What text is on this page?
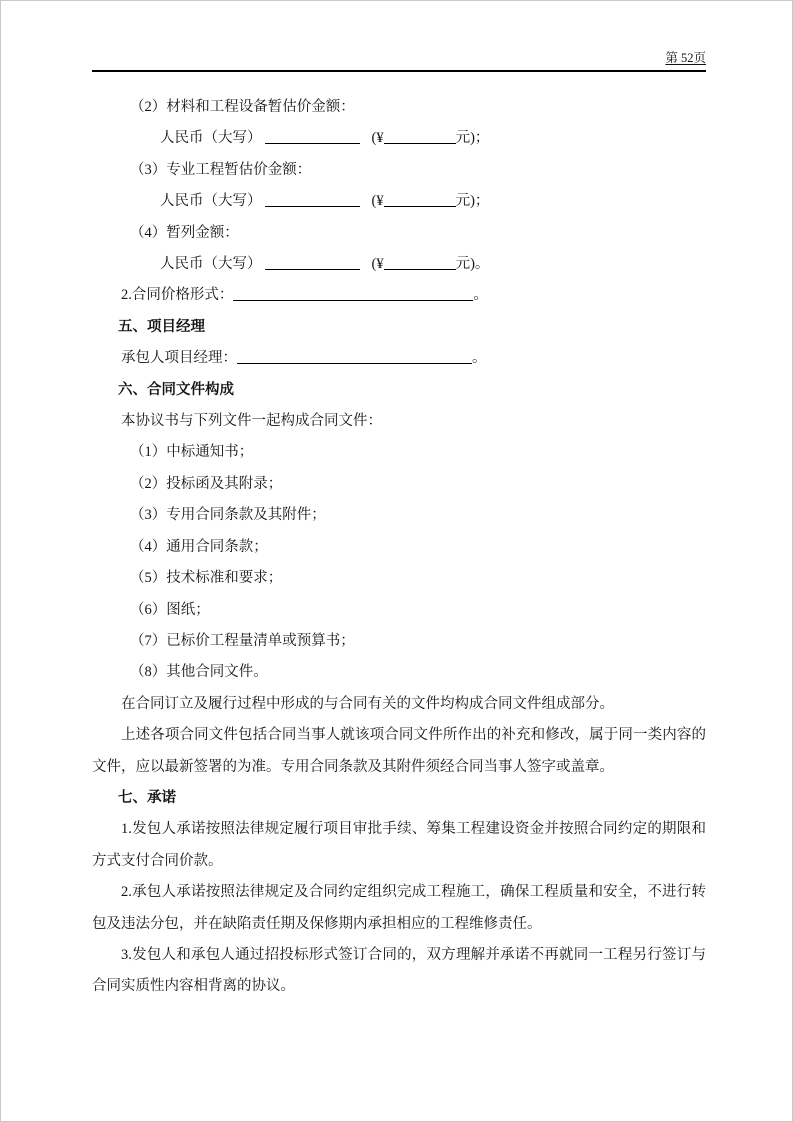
第 52页
（2）材料和工程设备暂估价金额：
人民币（大写）	(¥	元)；
（3）专业工程暂估价金额：
人民币（大写）	(¥	元)；
（4）暂列金额：
人民币（大写）	(¥	元)。
2.合同价格形式：	。
五、项目经理
承包人项目经理：	。
六、合同文件构成
本协议书与下列文件一起构成合同文件：
（1）中标通知书；
（2）投标函及其附录；
（3）专用合同条款及其附件；
（4）通用合同条款；
（5）技术标准和要求；
（6）图纸；
（7）已标价工程量清单或预算书；
（8）其他合同文件。
在合同订立及履行过程中形成的与合同有关的文件均构成合同文件组成部分。
上述各项合同文件包括合同当事人就该项合同文件所作出的补充和修改，属于同一类内容的文件，应以最新签署的为准。专用合同条款及其附件须经合同当事人签字或盖章。
七、承诺
1.发包人承诺按照法律规定履行项目审批手续、筹集工程建设资金并按照合同约定的期限和方式支付合同价款。
2.承包人承诺按照法律规定及合同约定组织完成工程施工，确保工程质量和安全，不进行转包及违法分包，并在缺陷责任期及保修期内承担相应的工程维修责任。
3.发包人和承包人通过招投标形式签订合同的，双方理解并承诺不再就同一工程另行签订与合同实质性内容相背离的协议。
